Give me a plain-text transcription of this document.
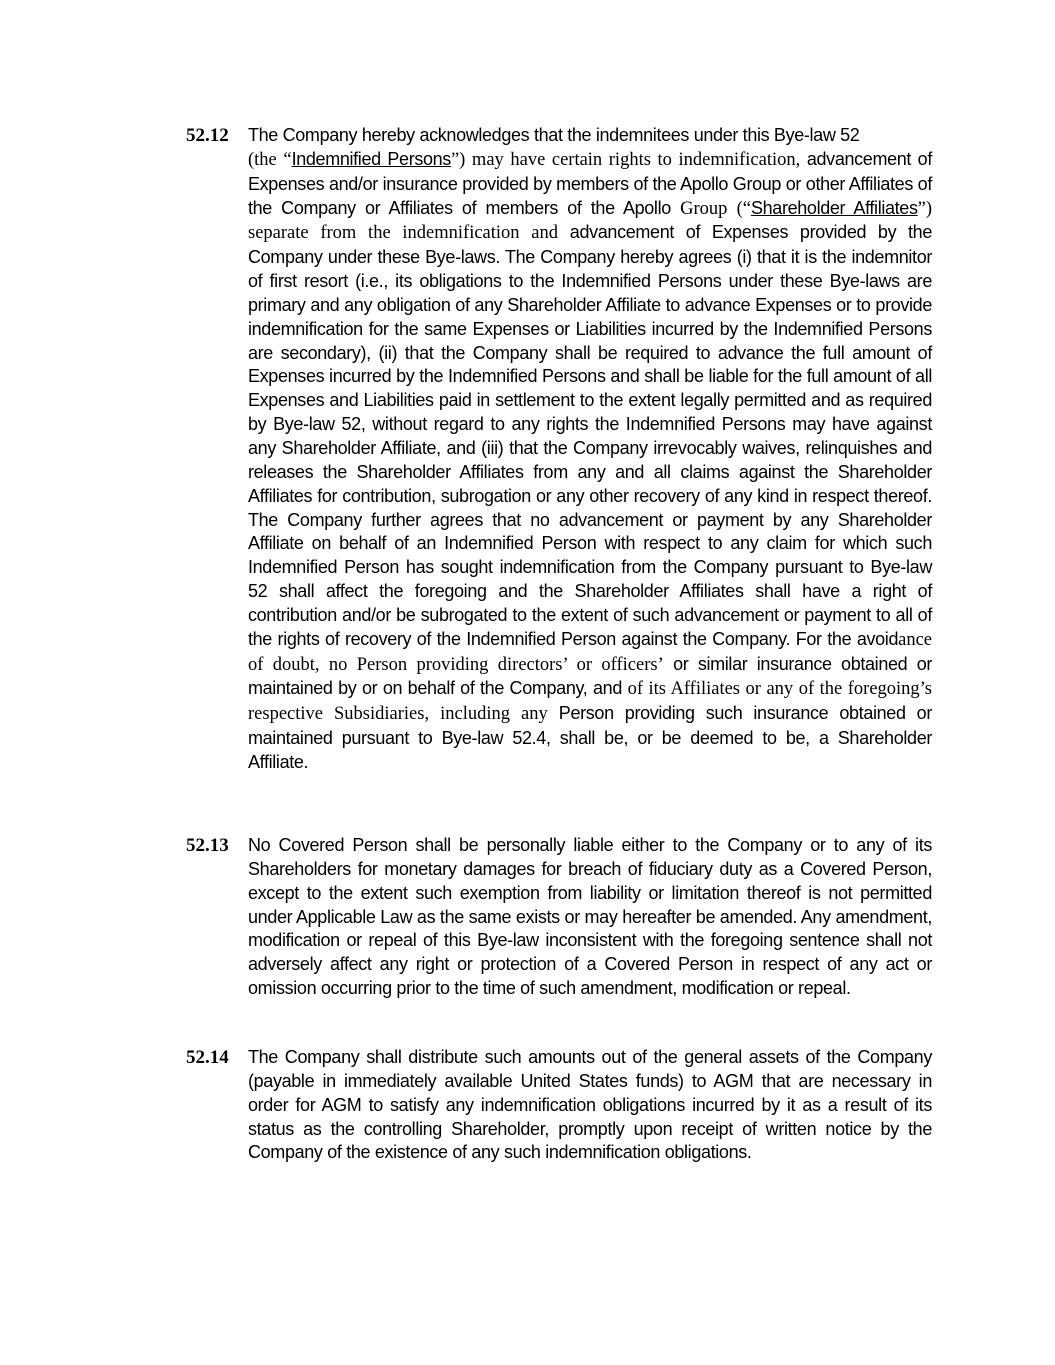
52.12 The Company hereby acknowledges that the indemnitees under this Bye-law 52
(the “Indemnified Persons”) may have certain rights to indemnification, advancement of Expenses and/or insurance provided by members of the Apollo Group or other Affiliates of the Company or Affiliates of members of the Apollo Group (“Shareholder Affiliates”) separate from the indemnification and advancement of Expenses provided by the Company under these Bye-laws. The Company hereby agrees (i) that it is the indemnitor of first resort (i.e., its obligations to the Indemnified Persons under these Bye-laws are primary and any obligation of any Shareholder Affiliate to advance Expenses or to provide indemnification for the same Expenses or Liabilities incurred by the Indemnified Persons are secondary), (ii) that the Company shall be required to advance the full amount of Expenses incurred by the Indemnified Persons and shall be liable for the full amount of all Expenses and Liabilities paid in settlement to the extent legally permitted and as required by Bye-law 52, without regard to any rights the Indemnified Persons may have against any Shareholder Affiliate, and (iii) that the Company irrevocably waives, relinquishes and releases the Shareholder Affiliates from any and all claims against the Shareholder Affiliates for contribution, subrogation or any other recovery of any kind in respect thereof. The Company further agrees that no advancement or payment by any Shareholder Affiliate on behalf of an Indemnified Person with respect to any claim for which such Indemnified Person has sought indemnification from the Company pursuant to Bye-law 52 shall affect the foregoing and the Shareholder Affiliates shall have a right of contribution and/or be subrogated to the extent of such advancement or payment to all of the rights of recovery of the Indemnified Person against the Company. For the avoidance of doubt, no Person providing directors’ or officers’ or similar insurance obtained or maintained by or on behalf of the Company, and of its Affiliates or any of the foregoing’s respective Subsidiaries, including any Person providing such insurance obtained or maintained pursuant to Bye-law 52.4, shall be, or be deemed to be, a Shareholder Affiliate.
52.13 No Covered Person shall be personally liable either to the Company or to any of its Shareholders for monetary damages for breach of fiduciary duty as a Covered Person, except to the extent such exemption from liability or limitation thereof is not permitted under Applicable Law as the same exists or may hereafter be amended. Any amendment, modification or repeal of this Bye-law inconsistent with the foregoing sentence shall not adversely affect any right or protection of a Covered Person in respect of any act or omission occurring prior to the time of such amendment, modification or repeal.
52.14 The Company shall distribute such amounts out of the general assets of the Company (payable in immediately available United States funds) to AGM that are necessary in order for AGM to satisfy any indemnification obligations incurred by it as a result of its status as the controlling Shareholder, promptly upon receipt of written notice by the Company of the existence of any such indemnification obligations.
